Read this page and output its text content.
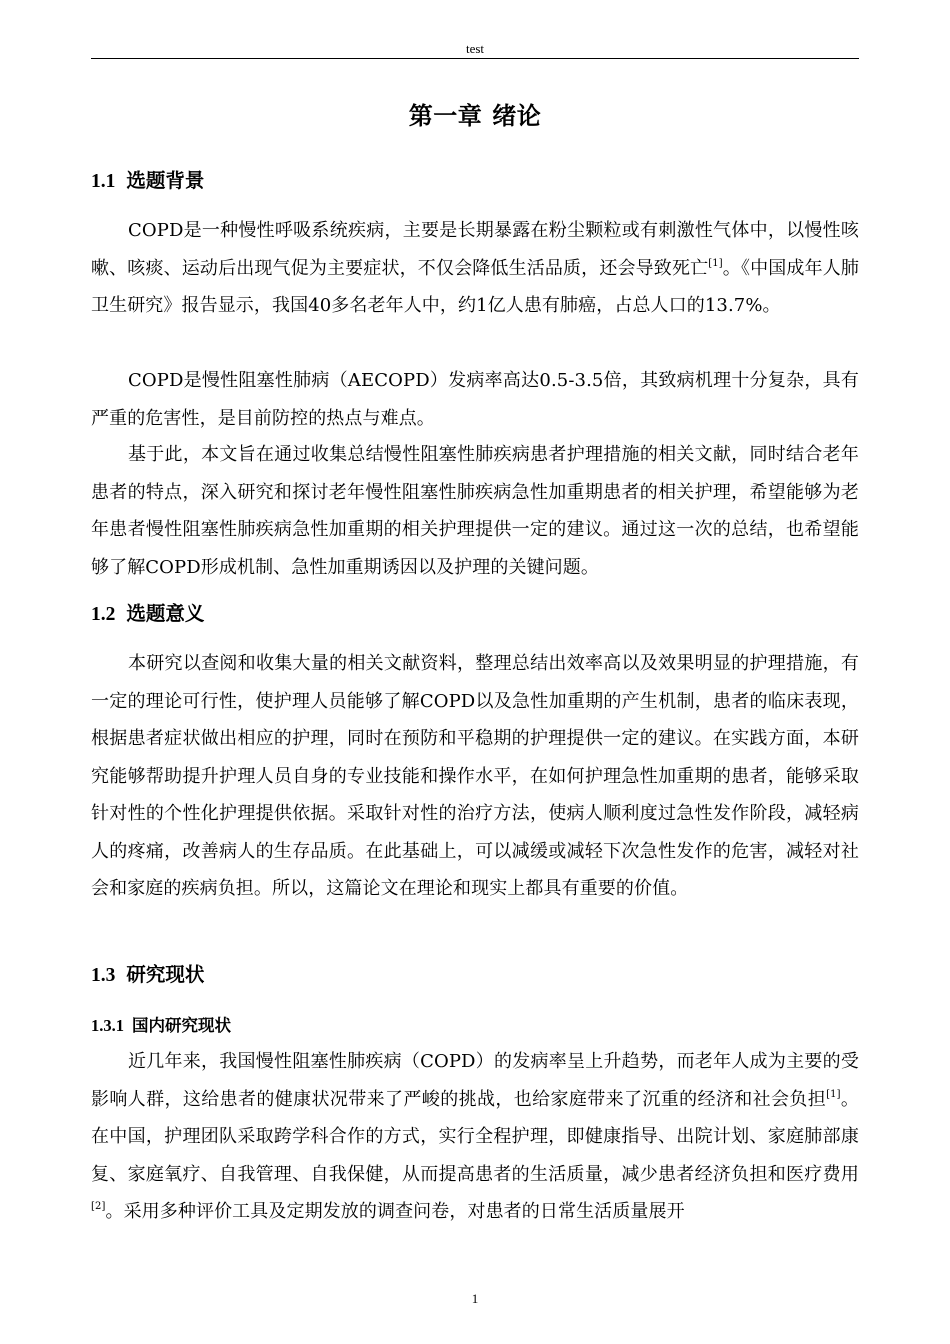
test
第一章 绪论
1.1 选题背景

COPD是一种慢性呼吸系统疾病，主要是长期暴露在粉尘颗粒或有刺激性气体中，以慢性咳嗽、咳痰、运动后出现气促为主要症状，不仅会降低生活品质，还会导致死亡[1]。《中国成年人肺卫生研究》报告显示，我国40多名老年人中，约1亿人患有肺癌，占总人口的13.7%。

COPD是慢性阻塞性肺病（AECOPD）发病率高达0.5-3.5倍，其致病机理十分复杂，具有严重的危害性，是目前防控的热点与难点。

基于此，本文旨在通过收集总结慢性阻塞性肺疾病患者护理措施的相关文献，同时结合老年患者的特点，深入研究和探讨老年慢性阻塞性肺疾病急性加重期患者的相关护理，希望能够为老年患者慢性阻塞性肺疾病急性加重期的相关护理提供一定的建议。通过这一次的总结，也希望能够了解COPD形成机制、急性加重期诱因以及护理的关键问题。

1.2 选题意义

本研究以查阅和收集大量的相关文献资料，整理总结出效率高以及效果明显的护理措施，有一定的理论可行性，使护理人员能够了解COPD以及急性加重期的产生机制，患者的临床表现，根据患者症状做出相应的护理，同时在预防和平稳期的护理提供一定的建议。在实践方面，本研究能够帮助提升护理人员自身的专业技能和操作水平，在如何护理急性加重期的患者，能够采取针对性的个性化护理提供依据。采取针对性的治疗方法，使病人顺利度过急性发作阶段，减轻病人的疼痛，改善病人的生存品质。在此基础上，可以减缓或减轻下次急性发作的危害，减轻对社会和家庭的疾病负担。所以，这篇论文在理论和现实上都具有重要的价值。

1.3 研究现状
1.3.1 国内研究现状

近几年来，我国慢性阻塞性肺疾病（COPD）的发病率呈上升趋势，而老年人成为主要的受影响人群，这给患者的健康状况带来了严峻的挑战，也给家庭带来了沉重的经济和社会负担[1]。在中国，护理团队采取跨学科合作的方式，实行全程护理，即健康指导、出院计划、家庭肺部康复、家庭氧疗、自我管理、自我保健，从而提高患者的生活质量，减少患者经济负担和医疗费用[2]。采用多种评价工具及定期发放的调查问卷，对患者的日常生活质量展开

1
